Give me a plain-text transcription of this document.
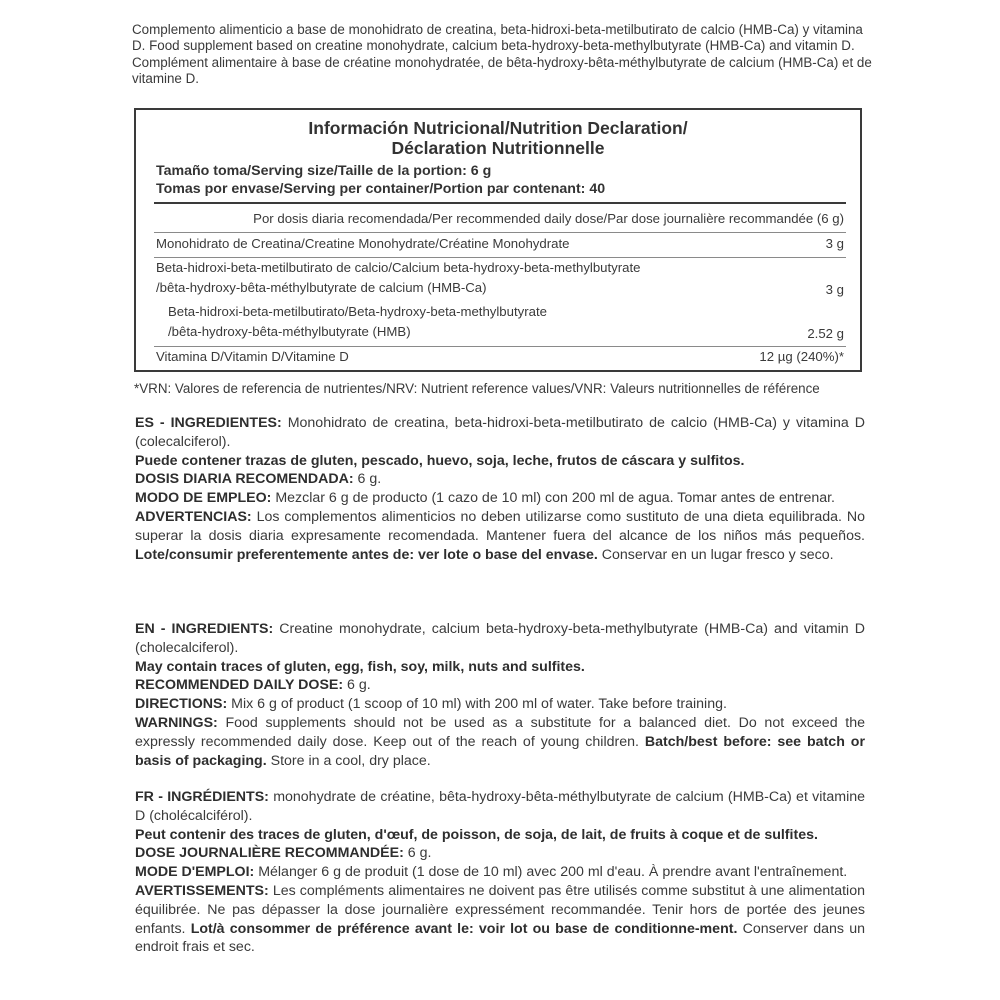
Complemento alimenticio a base de monohidrato de creatina, beta-hidroxi-beta-metilbutirato de calcio (HMB-Ca) y vitamina D. Food supplement based on creatine monohydrate, calcium beta-hydroxy-beta-methylbutyrate (HMB-Ca) and vitamin D. Complément alimentaire à base de créatine monohydratée, de bêta-hydroxy-bêta-méthylbutyrate de calcium (HMB-Ca) et de vitamine D.

Información Nutricional/Nutrition Declaration/
Déclaration Nutritionnelle
Tamaño toma/Serving size/Taille de la portion: 6 g
Tomas por envase/Serving per container/Portion par contenant: 40
Por dosis diaria recomendada/Per recommended daily dose/Par dose journalière recommandée (6 g)
Monohidrato de Creatina/Creatine Monohydrate/Créatine Monohydrate	3 g
Beta-hidroxi-beta-metilbutirato de calcio/Calcium beta-hydroxy-beta-methylbutyrate
/bêta-hydroxy-bêta-méthylbutyrate de calcium (HMB-Ca)	3 g
Beta-hidroxi-beta-metilbutirato/Beta-hydroxy-beta-methylbutyrate
/bêta-hydroxy-bêta-méthylbutyrate (HMB)	2.52 g
Vitamina D/Vitamin D/Vitamine D	12 µg (240%)*

*VRN: Valores de referencia de nutrientes/NRV: Nutrient reference values/VNR: Valeurs nutritionnelles de référence

ES - INGREDIENTES: Monohidrato de creatina, beta-hidroxi-beta-metilbutirato de calcio (HMB-Ca) y vitamina D (colecalciferol).

Puede contener trazas de gluten, pescado, huevo, soja, leche, frutos de cáscara y sulfitos.

DOSIS DIARIA RECOMENDADA: 6 g.

MODO DE EMPLEO: Mezclar 6 g de producto (1 cazo de 10 ml) con 200 ml de agua. Tomar antes de entrenar.

ADVERTENCIAS: Los complementos alimenticios no deben utilizarse como sustituto de una dieta equilibrada. No superar la dosis diaria expresamente recomendada. Mantener fuera del alcance de los niños más pequeños. Lote/consumir preferentemente antes de: ver lote o base del envase. Conservar en un lugar fresco y seco.

EN - INGREDIENTS: Creatine monohydrate, calcium beta-hydroxy-beta-methylbutyrate (HMB-Ca) and vitamin D (cholecalciferol).

May contain traces of gluten, egg, fish, soy, milk, nuts and sulfites.

RECOMMENDED DAILY DOSE: 6 g.

DIRECTIONS: Mix 6 g of product (1 scoop of 10 ml) with 200 ml of water. Take before training.

WARNINGS: Food supplements should not be used as a substitute for a balanced diet. Do not exceed the expressly recommended daily dose. Keep out of the reach of young children. Batch/best before: see batch or basis of packaging. Store in a cool, dry place.

FR - INGRÉDIENTS: monohydrate de créatine, bêta-hydroxy-bêta-méthylbutyrate de calcium (HMB-Ca) et vitamine D (cholécalciférol).

Peut contenir des traces de gluten, d'œuf, de poisson, de soja, de lait, de fruits à coque et de sulfites.

DOSE JOURNALIÈRE RECOMMANDÉE: 6 g.

MODE D'EMPLOI: Mélanger 6 g de produit (1 dose de 10 ml) avec 200 ml d'eau. À prendre avant l'entraînement.

AVERTISSEMENTS: Les compléments alimentaires ne doivent pas être utilisés comme substitut à une alimentation équilibrée. Ne pas dépasser la dose journalière expressément recommandée. Tenir hors de portée des jeunes enfants. Lot/à consommer de préférence avant le: voir lot ou base de conditionne-ment. Conserver dans un endroit frais et sec.
